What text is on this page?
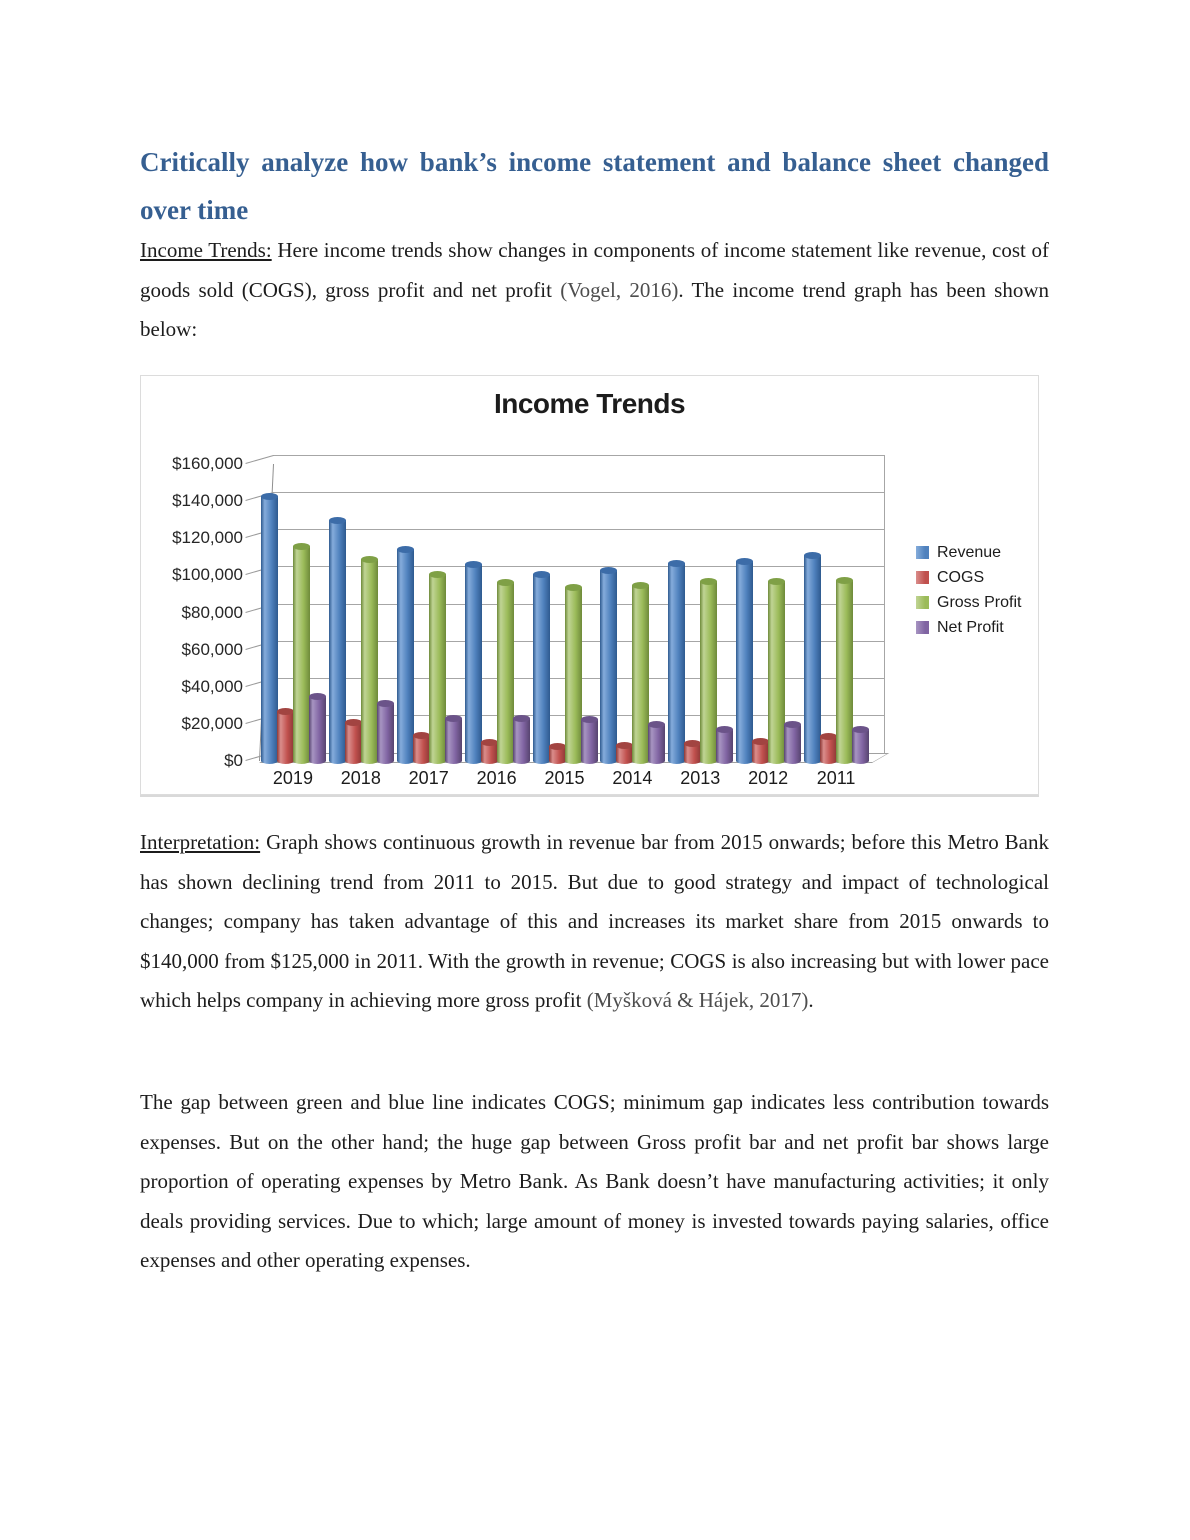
Critically analyze how bank’s income statement and balance sheet changed over time

Income Trends: Here income trends show changes in components of income statement like revenue, cost of goods sold (COGS), gross profit and net profit (Vogel, 2016). The income trend graph has been shown below:

Income Trends
$0
$20,000
$40,000
$60,000
$80,000
$100,000
$120,000
$140,000
$160,000
2019	2018	2017	2016	2015	2014	2013	2012	2011
Revenue
COGS
Gross Profit
Net Profit

Interpretation: Graph shows continuous growth in revenue bar from 2015 onwards; before this Metro Bank has shown declining trend from 2011 to 2015. But due to good strategy and impact of technological changes; company has taken advantage of this and increases its market share from 2015 onwards to $140,000 from $125,000 in 2011. With the growth in revenue; COGS is also increasing but with lower pace which helps company in achieving more gross profit (Myšková & Hájek, 2017).

The gap between green and blue line indicates COGS; minimum gap indicates less contribution towards expenses. But on the other hand; the huge gap between Gross profit bar and net profit bar shows large proportion of operating expenses by Metro Bank. As Bank doesn’t have manufacturing activities; it only deals providing services. Due to which; large amount of money is invested towards paying salaries, office expenses and other operating expenses.
